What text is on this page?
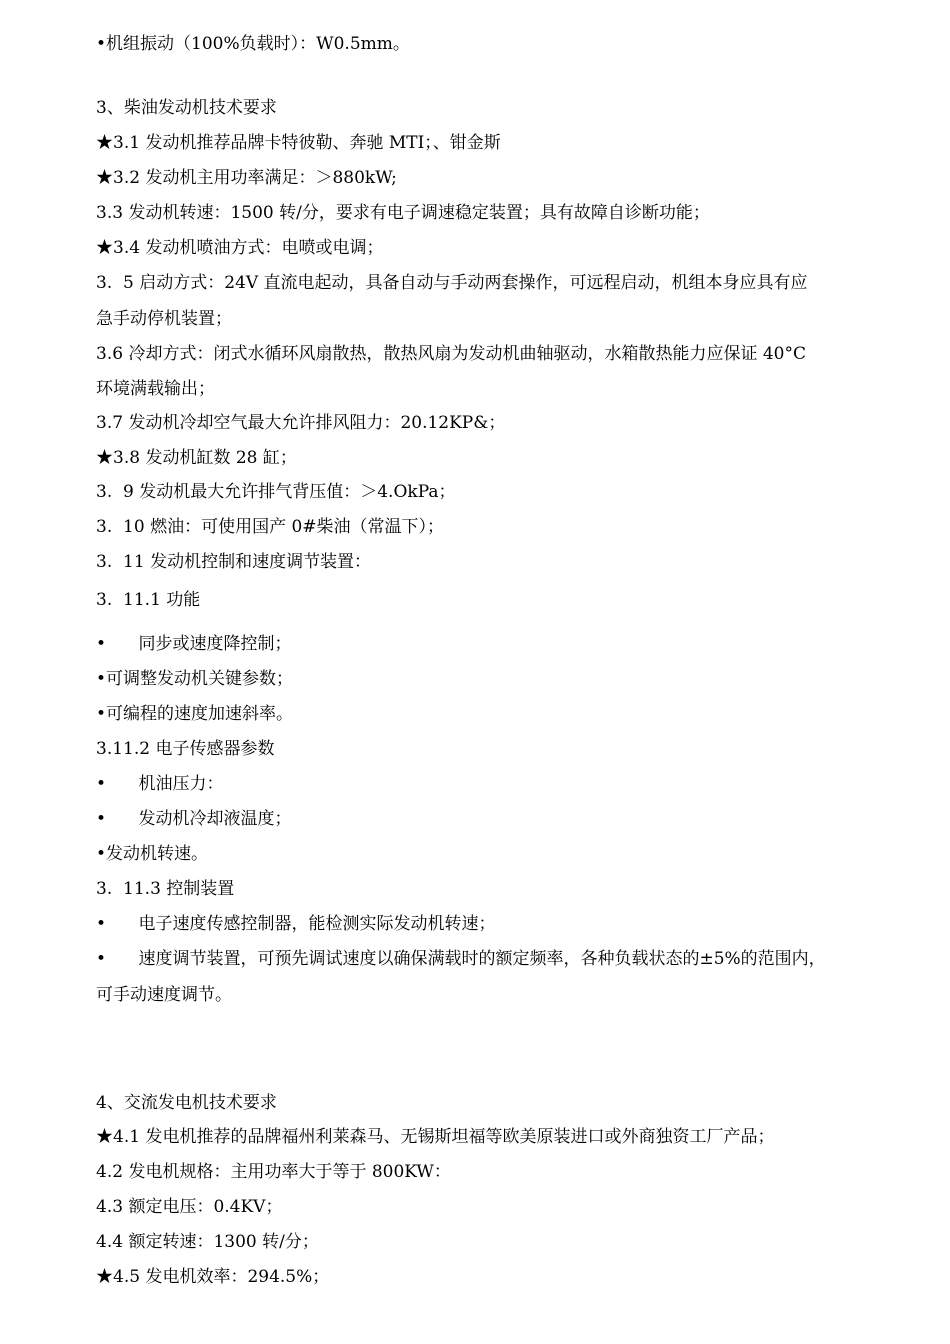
•机组振动（100%负载时）：W0.5mm。
3、柴油发动机技术要求
★3.1 发动机推荐品牌卡特彼勒、奔驰 MTI；、钳金斯
★3.2 发动机主用功率满足：＞880kW;
3.3 发动机转速：1500 转/分，要求有电子调速稳定装置；具有故障自诊断功能；
★3.4 发动机喷油方式：电喷或电调；
3.  5 启动方式：24V 直流电起动，具备自动与手动两套操作，可远程启动，机组本身应具有应
急手动停机装置；
3.6 冷却方式：闭式水循环风扇散热，散热风扇为发动机曲轴驱动，水箱散热能力应保证 40°C
环境满载输出；
3.7 发动机冷却空气最大允许排风阻力：20.12KP&；
★3.8 发动机缸数 28 缸；
3.  9 发动机最大允许排气背压值：＞4.OkPa；
3.  10 燃油：可使用国产 0#柴油（常温下）；
3.  11 发动机控制和速度调节装置：
3.  11.1 功能
•      同步或速度降控制；
•可调整发动机关键参数；
•可编程的速度加速斜率。
3.11.2 电子传感器参数
•      机油压力：
•      发动机冷却液温度；
•发动机转速。
3.  11.3 控制装置
•      电子速度传感控制器，能检测实际发动机转速；
•      速度调节装置，可预先调试速度以确保满载时的额定频率，各种负载状态的±5%的范围内，
可手动速度调节。
4、交流发电机技术要求
★4.1 发电机推荐的品牌福州利莱森马、无锡斯坦福等欧美原装进口或外商独资工厂产品；
4.2 发电机规格：主用功率大于等于 800KW：
4.3 额定电压：0.4KV；
4.4 额定转速：1300 转/分；
★4.5 发电机效率：294.5%；
